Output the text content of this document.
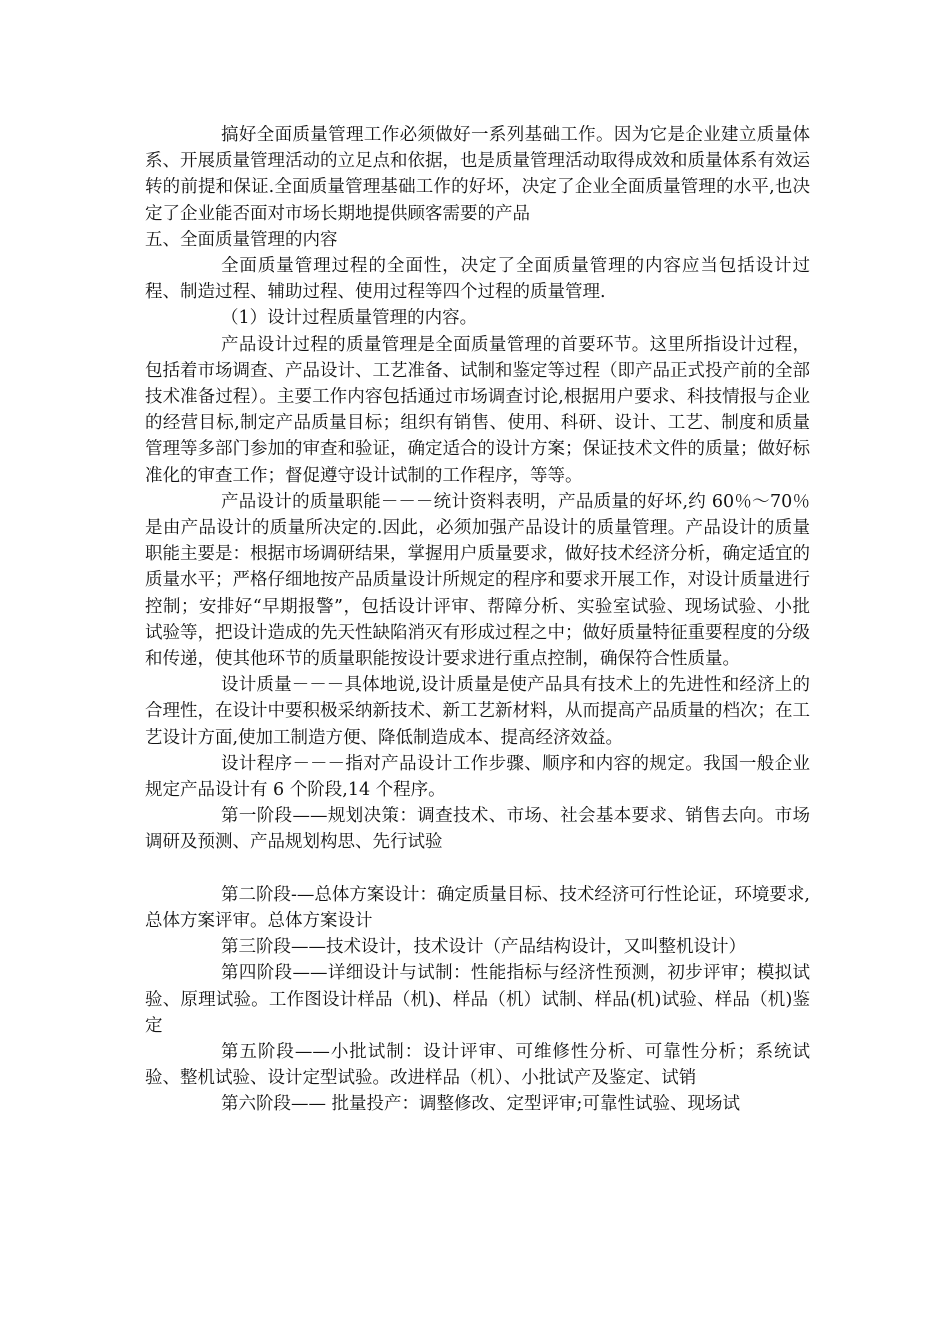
搞好全面质量管理工作必须做好一系列基础工作。因为它是企业建立质量体系、开展质量管理活动的立足点和依据，也是质量管理活动取得成效和质量体系有效运转的前提和保证.全面质量管理基础工作的好坏，决定了企业全面质量管理的水平,也决定了企业能否面对市场长期地提供顾客需要的产品

五、全面质量管理的内容

全面质量管理过程的全面性，决定了全面质量管理的内容应当包括设计过程、制造过程、辅助过程、使用过程等四个过程的质量管理.

（1）设计过程质量管理的内容。

产品设计过程的质量管理是全面质量管理的首要环节。这里所指设计过程，包括着市场调查、产品设计、工艺准备、试制和鉴定等过程（即产品正式投产前的全部技术准备过程）。主要工作内容包括通过市场调查讨论,根据用户要求、科技情报与企业的经营目标,制定产品质量目标；组织有销售、使用、科研、设计、工艺、制度和质量管理等多部门参加的审查和验证，确定适合的设计方案；保证技术文件的质量；做好标准化的审查工作；督促遵守设计试制的工作程序，等等。

产品设计的质量职能－－－统计资料表明，产品质量的好坏,约 60％～70％是由产品设计的质量所决定的.因此，必须加强产品设计的质量管理。产品设计的质量职能主要是：根据市场调研结果，掌握用户质量要求，做好技术经济分析，确定适宜的质量水平；严格仔细地按产品质量设计所规定的程序和要求开展工作，对设计质量进行控制；安排好“早期报警”，包括设计评审、帮障分析、实验室试验、现场试验、小批试验等，把设计造成的先天性缺陷消灭有形成过程之中；做好质量特征重要程度的分级和传递，使其他环节的质量职能按设计要求进行重点控制，确保符合性质量。

设计质量－－－具体地说,设计质量是使产品具有技术上的先进性和经济上的合理性，在设计中要积极采纳新技术、新工艺新材料，从而提高产品质量的档次；在工艺设计方面,使加工制造方便、降低制造成本、提高经济效益。

设计程序－－－指对产品设计工作步骤、顺序和内容的规定。我国一般企业规定产品设计有 6 个阶段,14 个程序。

第一阶段——规划决策：调查技术、市场、社会基本要求、销售去向。市场调研及预测、产品规划构思、先行试验

第二阶段-—总体方案设计：确定质量目标、技术经济可行性论证，环境要求,总体方案评审。总体方案设计

第三阶段——技术设计，技术设计（产品结构设计，又叫整机设计）

第四阶段——详细设计与试制：性能指标与经济性预测，初步评审；模拟试验、原理试验。工作图设计样品（机)、样品（机）试制、样品(机)试验、样品（机)鉴定

第五阶段——小批试制：设计评审、可维修性分析、可靠性分析；系统试验、整机试验、设计定型试验。改进样品（机）、小批试产及鉴定、试销

第六阶段—— 批量投产：调整修改、定型评审;可靠性试验、现场试
